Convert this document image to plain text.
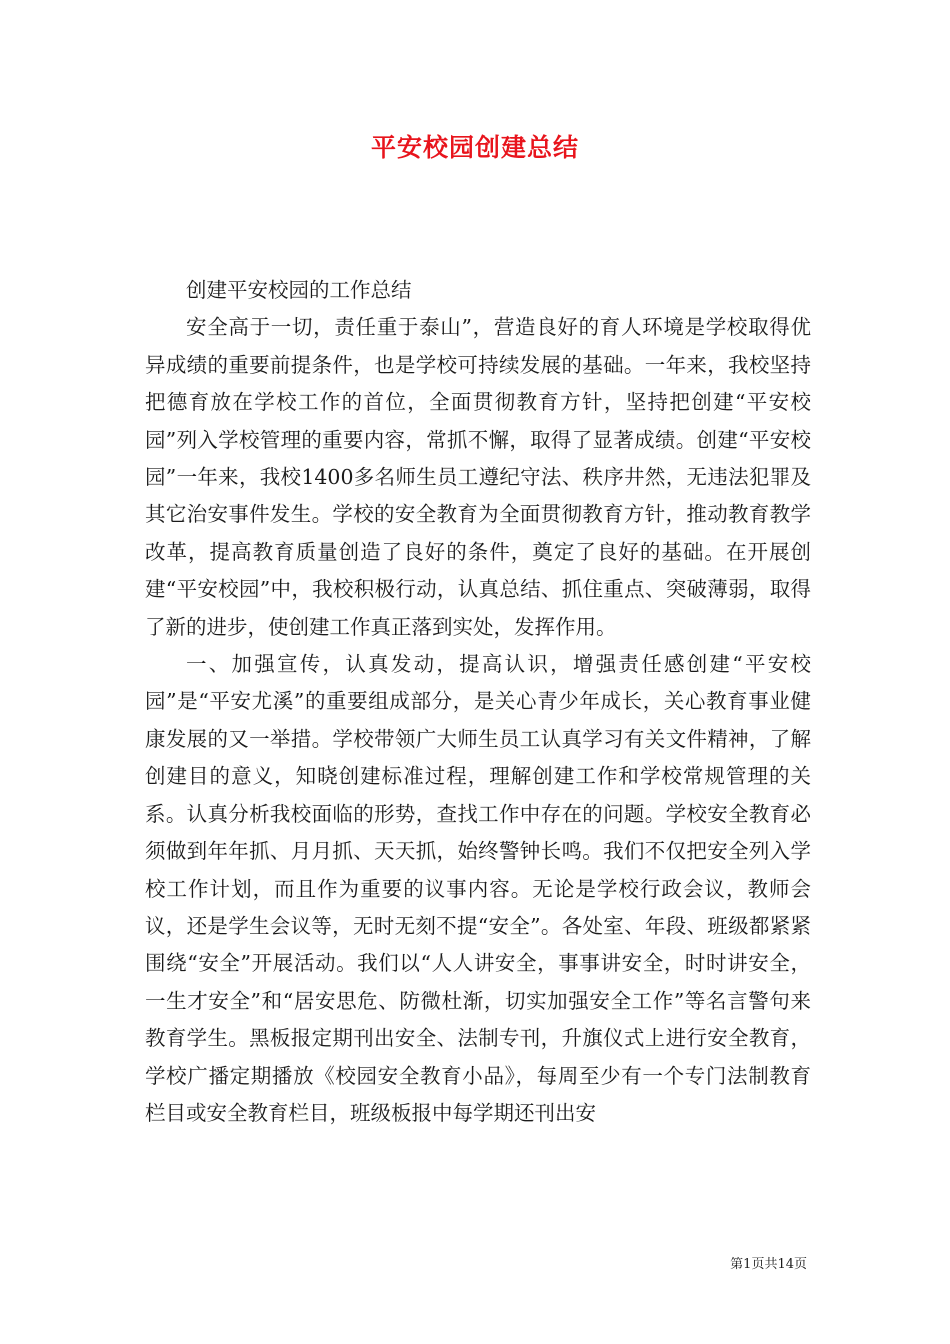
平安校园创建总结

创建平安校园的工作总结

安全高于一切，责任重于泰山”，营造良好的育人环境是学校取得优异成绩的重要前提条件，也是学校可持续发展的基础。一年来，我校坚持把德育放在学校工作的首位，全面贯彻教育方针，坚持把创建“平安校园”列入学校管理的重要内容，常抓不懈，取得了显著成绩。创建“平安校园”一年来，我校1400多名师生员工遵纪守法、秩序井然，无违法犯罪及其它治安事件发生。学校的安全教育为全面贯彻教育方针，推动教育教学改革，提高教育质量创造了良好的条件，奠定了良好的基础。在开展创建“平安校园”中，我校积极行动，认真总结、抓住重点、突破薄弱，取得了新的进步，使创建工作真正落到实处，发挥作用。

一、加强宣传，认真发动，提高认识，增强责任感创建“平安校园”是“平安尤溪”的重要组成部分，是关心青少年成长，关心教育事业健康发展的又一举措。学校带领广大师生员工认真学习有关文件精神，了解创建目的意义，知晓创建标准过程，理解创建工作和学校常规管理的关系。认真分析我校面临的形势，查找工作中存在的问题。学校安全教育必须做到年年抓、月月抓、天天抓，始终警钟长鸣。我们不仅把安全列入学校工作计划，而且作为重要的议事内容。无论是学校行政会议，教师会议，还是学生会议等，无时无刻不提“安全”。各处室、年段、班级都紧紧围绕“安全”开展活动。我们以“人人讲安全，事事讲安全，时时讲安全，一生才安全”和“居安思危、防微杜渐，切实加强安全工作”等名言警句来教育学生。黑板报定期刊出安全、法制专刊，升旗仪式上进行安全教育，学校广播定期播放《校园安全教育小品》，每周至少有一个专门法制教育栏目或安全教育栏目，班级板报中每学期还刊出安

第1页共14页
